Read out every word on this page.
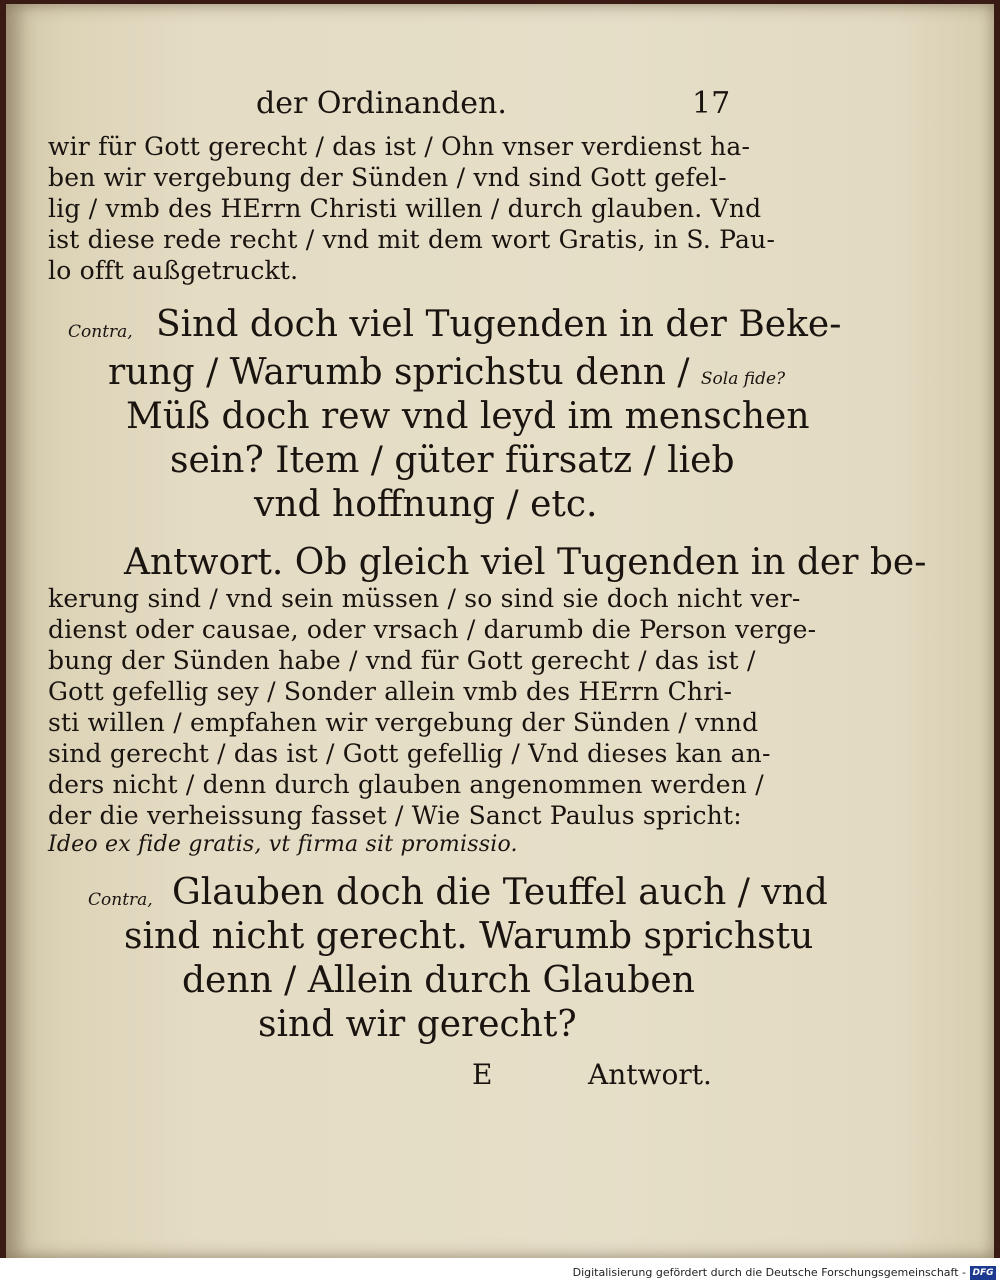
der Ordinanden.	17

wir für Gott gerecht / das ist / Ohn vnser verdienst ha-

ben wir vergebung der Sünden / vnd sind Gott gefel-

lig / vmb des HErrn Christi willen / durch glauben. Vnd

ist diese rede recht / vnd mit dem wort Gratis, in S. Pau-

lo offt außgetruckt.

Contra, Sind doch viel Tugenden in der Beke-

rung / Warumb sprichstu denn / Sola fide?

Müß doch rew vnd leyd im menschen

sein? Item / güter fürsatz / lieb

vnd hoffnung / etc.

Antwort. Ob gleich viel Tugenden in der be-

kerung sind / vnd sein müssen / so sind sie doch nicht ver-

dienst oder causae, oder vrsach / darumb die Person verge-

bung der Sünden habe / vnd für Gott gerecht / das ist /

Gott gefellig sey / Sonder allein vmb des HErrn Chri-

sti willen / empfahen wir vergebung der Sünden / vnnd

sind gerecht / das ist / Gott gefellig / Vnd dieses kan an-

ders nicht / denn durch glauben angenommen werden /

der die verheissung fasset / Wie Sanct Paulus spricht:

Ideo ex fide gratis, vt firma sit promissio.

Contra, Glauben doch die Teuffel auch / vnd

sind nicht gerecht. Warumb sprichstu

denn / Allein durch Glauben

sind wir gerecht?

E	Antwort.

Digitalisierung gefördert durch die Deutsche Forschungsgemeinschaft - DFG
